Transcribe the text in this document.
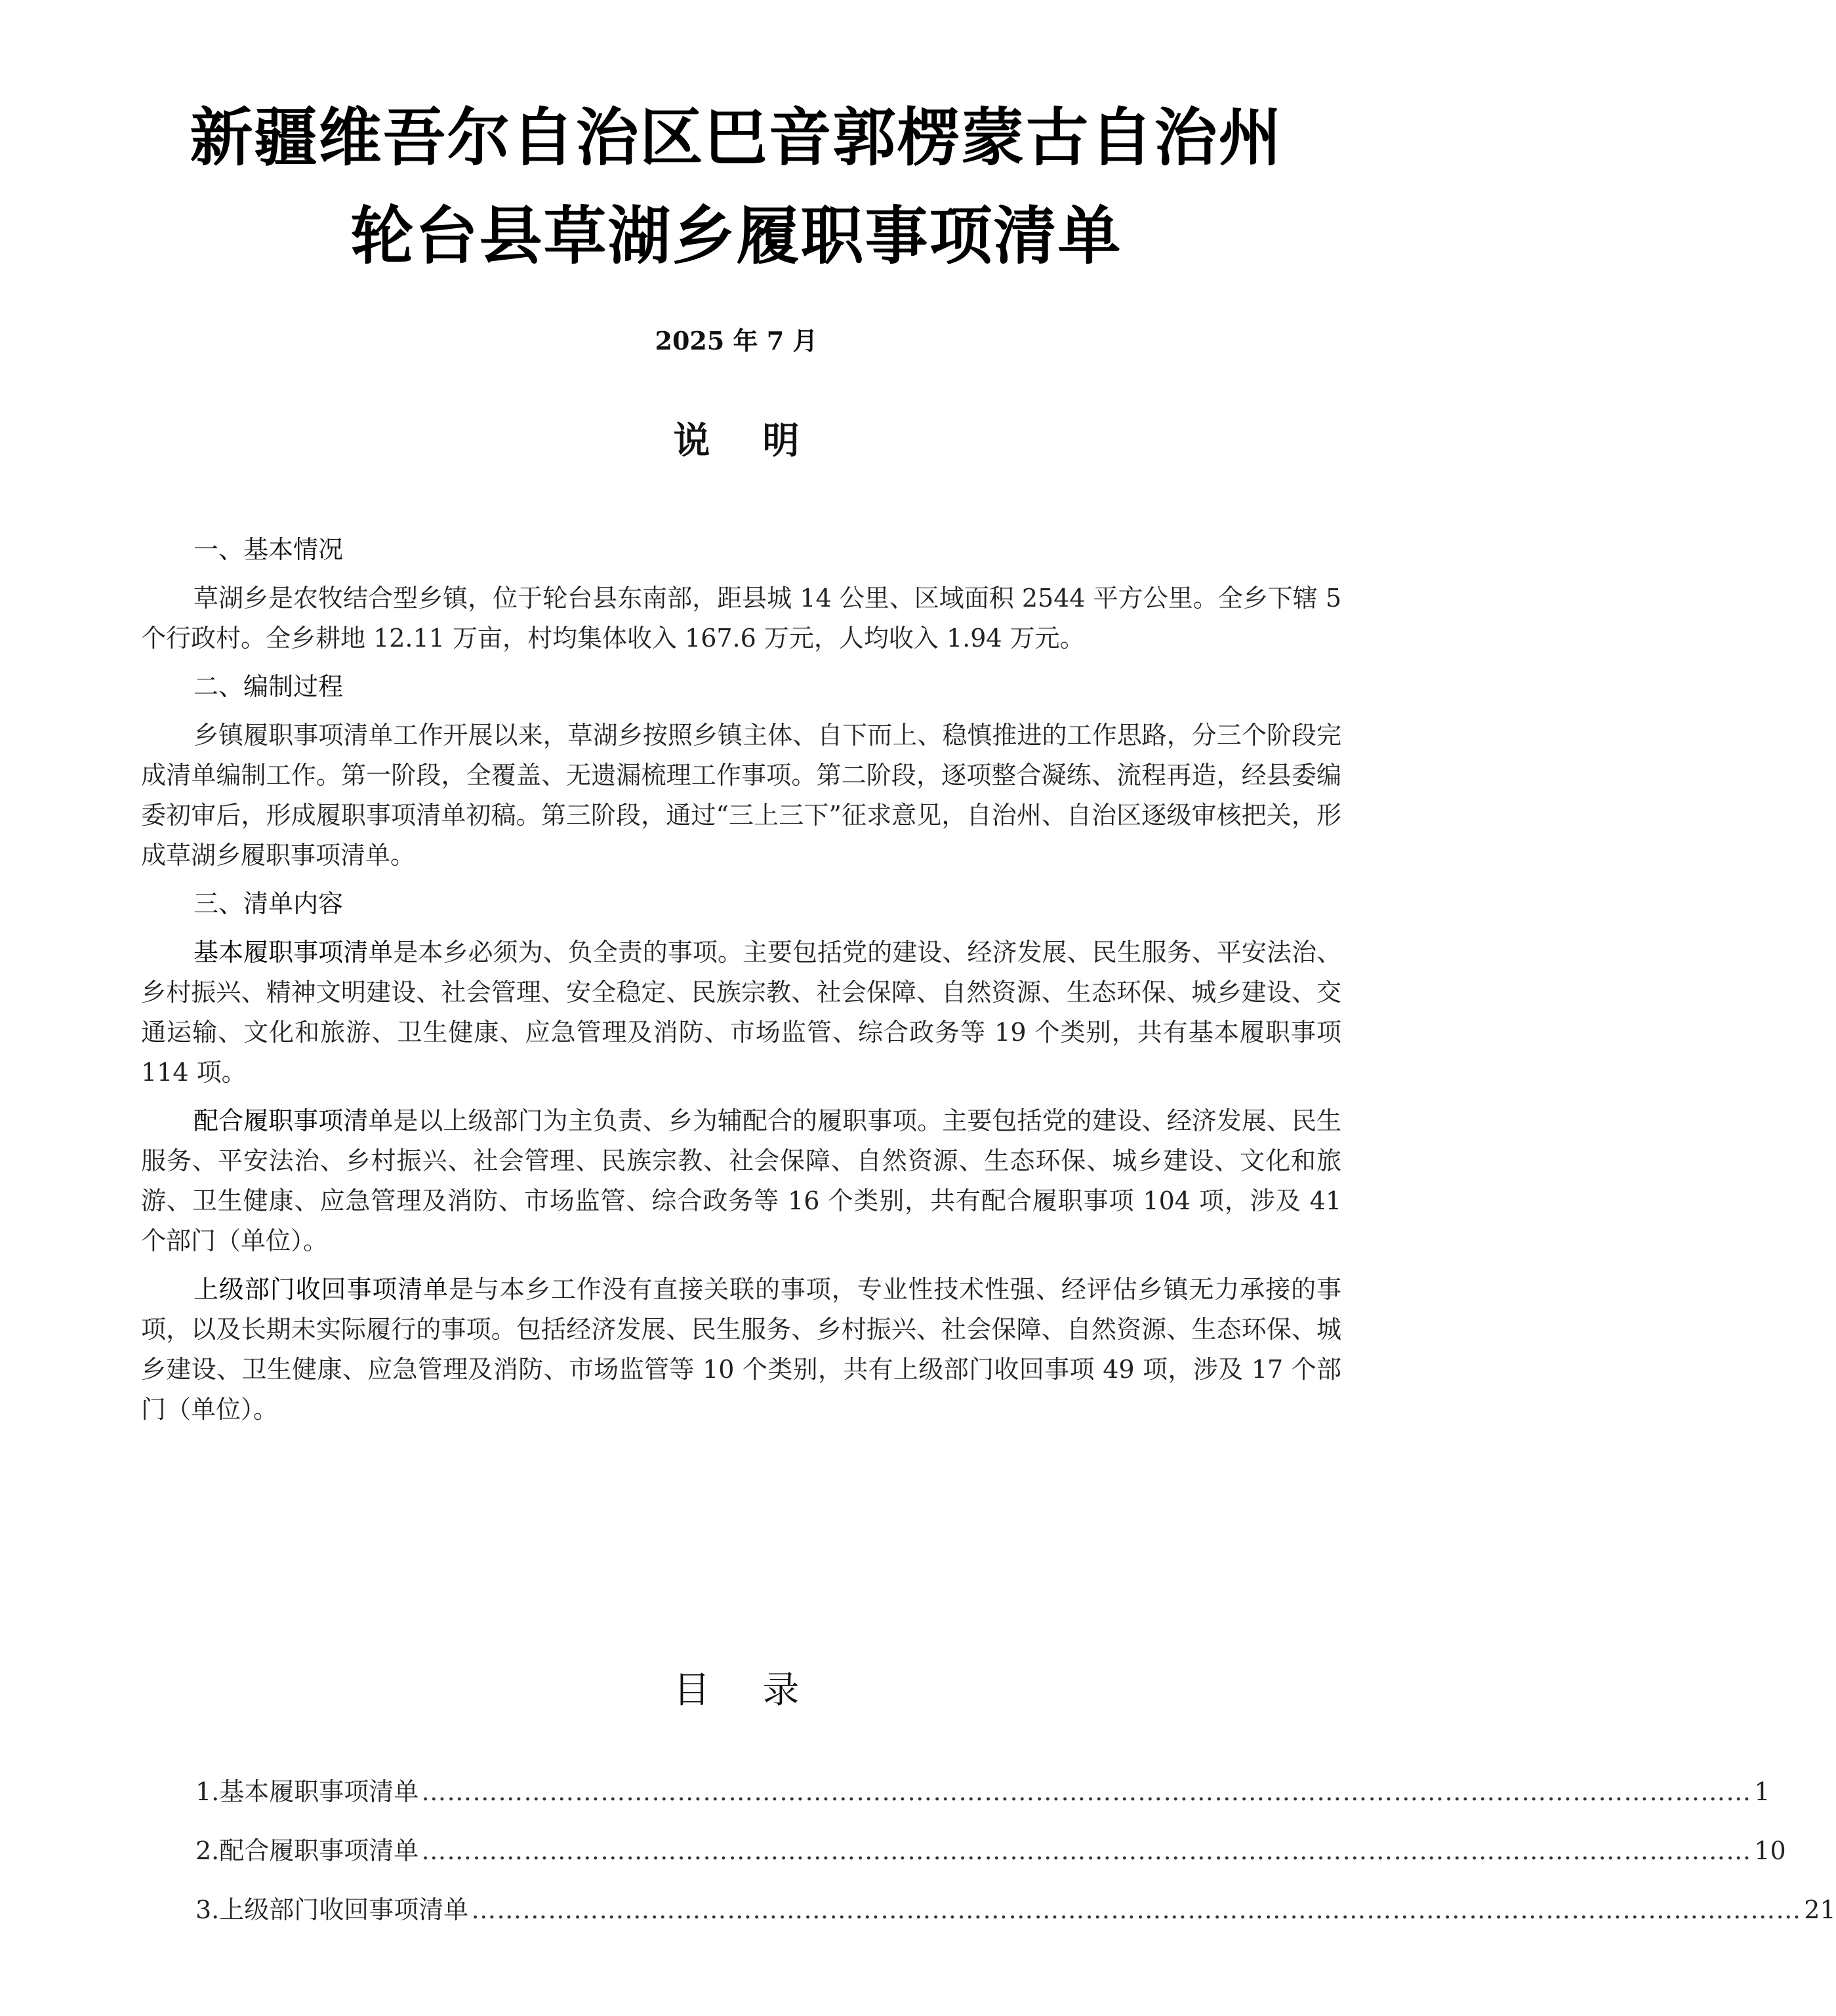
新疆维吾尔自治区巴音郭楞蒙古自治州
轮台县草湖乡履职事项清单
2025 年 7 月
说明
一、基本情况

草湖乡是农牧结合型乡镇，位于轮台县东南部，距县城 14 公里、区域面积 2544 平方公里。全乡下辖 5 个行政村。全乡耕地 12.11 万亩，村均集体收入 167.6 万元，人均收入 1.94 万元。

二、编制过程

乡镇履职事项清单工作开展以来，草湖乡按照乡镇主体、自下而上、稳慎推进的工作思路，分三个阶段完成清单编制工作。第一阶段，全覆盖、无遗漏梳理工作事项。第二阶段，逐项整合凝练、流程再造，经县委编委初审后，形成履职事项清单初稿。第三阶段，通过“三上三下”征求意见，自治州、自治区逐级审核把关，形成草湖乡履职事项清单。

三、清单内容

基本履职事项清单是本乡必须为、负全责的事项。主要包括党的建设、经济发展、民生服务、平安法治、乡村振兴、精神文明建设、社会管理、安全稳定、民族宗教、社会保障、自然资源、生态环保、城乡建设、交通运输、文化和旅游、卫生健康、应急管理及消防、市场监管、综合政务等 19 个类别，共有基本履职事项 114 项。

配合履职事项清单是以上级部门为主负责、乡为辅配合的履职事项。主要包括党的建设、经济发展、民生服务、平安法治、乡村振兴、社会管理、民族宗教、社会保障、自然资源、生态环保、城乡建设、文化和旅游、卫生健康、应急管理及消防、市场监管、综合政务等 16 个类别，共有配合履职事项 104 项，涉及 41 个部门（单位）。

上级部门收回事项清单是与本乡工作没有直接关联的事项，专业性技术性强、经评估乡镇无力承接的事项，以及长期未实际履行的事项。包括经济发展、民生服务、乡村振兴、社会保障、自然资源、生态环保、城乡建设、卫生健康、应急管理及消防、市场监管等 10 个类别，共有上级部门收回事项 49 项，涉及 17 个部门（单位）。

目录
1.基本履职事项清单 ………………………………………………………………………………………………………………………………………… 1
2.配合履职事项清单 ………………………………………………………………………………………………………………………………………… 10
3.上级部门收回事项清单 ………………………………………………………………………………………………………………………………………… 21
